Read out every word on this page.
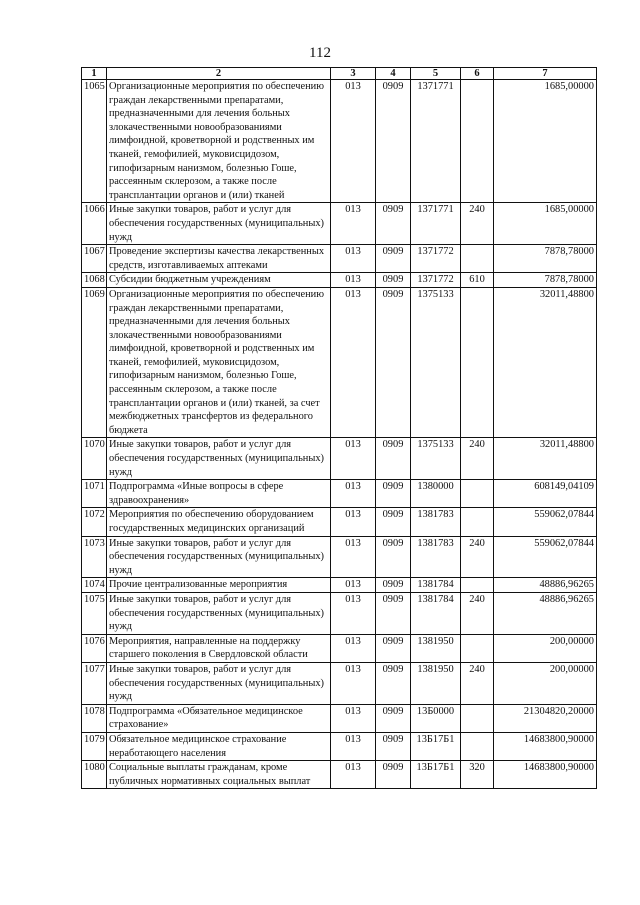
112
1	2	3	4	5	6	7
1065	Организационные мероприятия по обеспечению граждан лекарственными препаратами, предназначенными для лечения больных злокачественными новообразованиями лимфоидной, кроветворной и родственных им тканей, гемофилией, муковисцидозом, гипофизарным нанизмом, болезнью Гоше, рассеянным склерозом, а также после трансплантации органов и (или) тканей	013	0909	1371771		1685,00000
1066	Иные закупки товаров, работ и услуг для обеспечения государственных (муниципальных) нужд	013	0909	1371771	240	1685,00000
1067	Проведение экспертизы качества лекарственных средств, изготавливаемых аптеками	013	0909	1371772		7878,78000
1068	Субсидии бюджетным учреждениям	013	0909	1371772	610	7878,78000
1069	Организационные мероприятия по обеспечению граждан лекарственными препаратами, предназначенными для лечения больных злокачественными новообразованиями лимфоидной, кроветворной и родственных им тканей, гемофилией, муковисцидозом, гипофизарным нанизмом, болезнью Гоше, рассеянным склерозом, а также после трансплантации органов и (или) тканей, за счет межбюджетных трансфертов из федерального бюджета	013	0909	1375133		32011,48800
1070	Иные закупки товаров, работ и услуг для обеспечения государственных (муниципальных) нужд	013	0909	1375133	240	32011,48800
1071	Подпрограмма «Иные вопросы в сфере здравоохранения»	013	0909	1380000		608149,04109
1072	Мероприятия по обеспечению оборудованием государственных медицинских организаций	013	0909	1381783		559062,07844
1073	Иные закупки товаров, работ и услуг для обеспечения государственных (муниципальных) нужд	013	0909	1381783	240	559062,07844
1074	Прочие централизованные мероприятия	013	0909	1381784		48886,96265
1075	Иные закупки товаров, работ и услуг для обеспечения государственных (муниципальных) нужд	013	0909	1381784	240	48886,96265
1076	Мероприятия, направленные на поддержку старшего поколения в Свердловской области	013	0909	1381950		200,00000
1077	Иные закупки товаров, работ и услуг для обеспечения государственных (муниципальных) нужд	013	0909	1381950	240	200,00000
1078	Подпрограмма «Обязательное медицинское страхование»	013	0909	13Б0000		21304820,20000
1079	Обязательное медицинское страхование неработающего населения	013	0909	13Б17Б1		14683800,90000
1080	Социальные выплаты гражданам, кроме публичных нормативных социальных выплат	013	0909	13Б17Б1	320	14683800,90000
